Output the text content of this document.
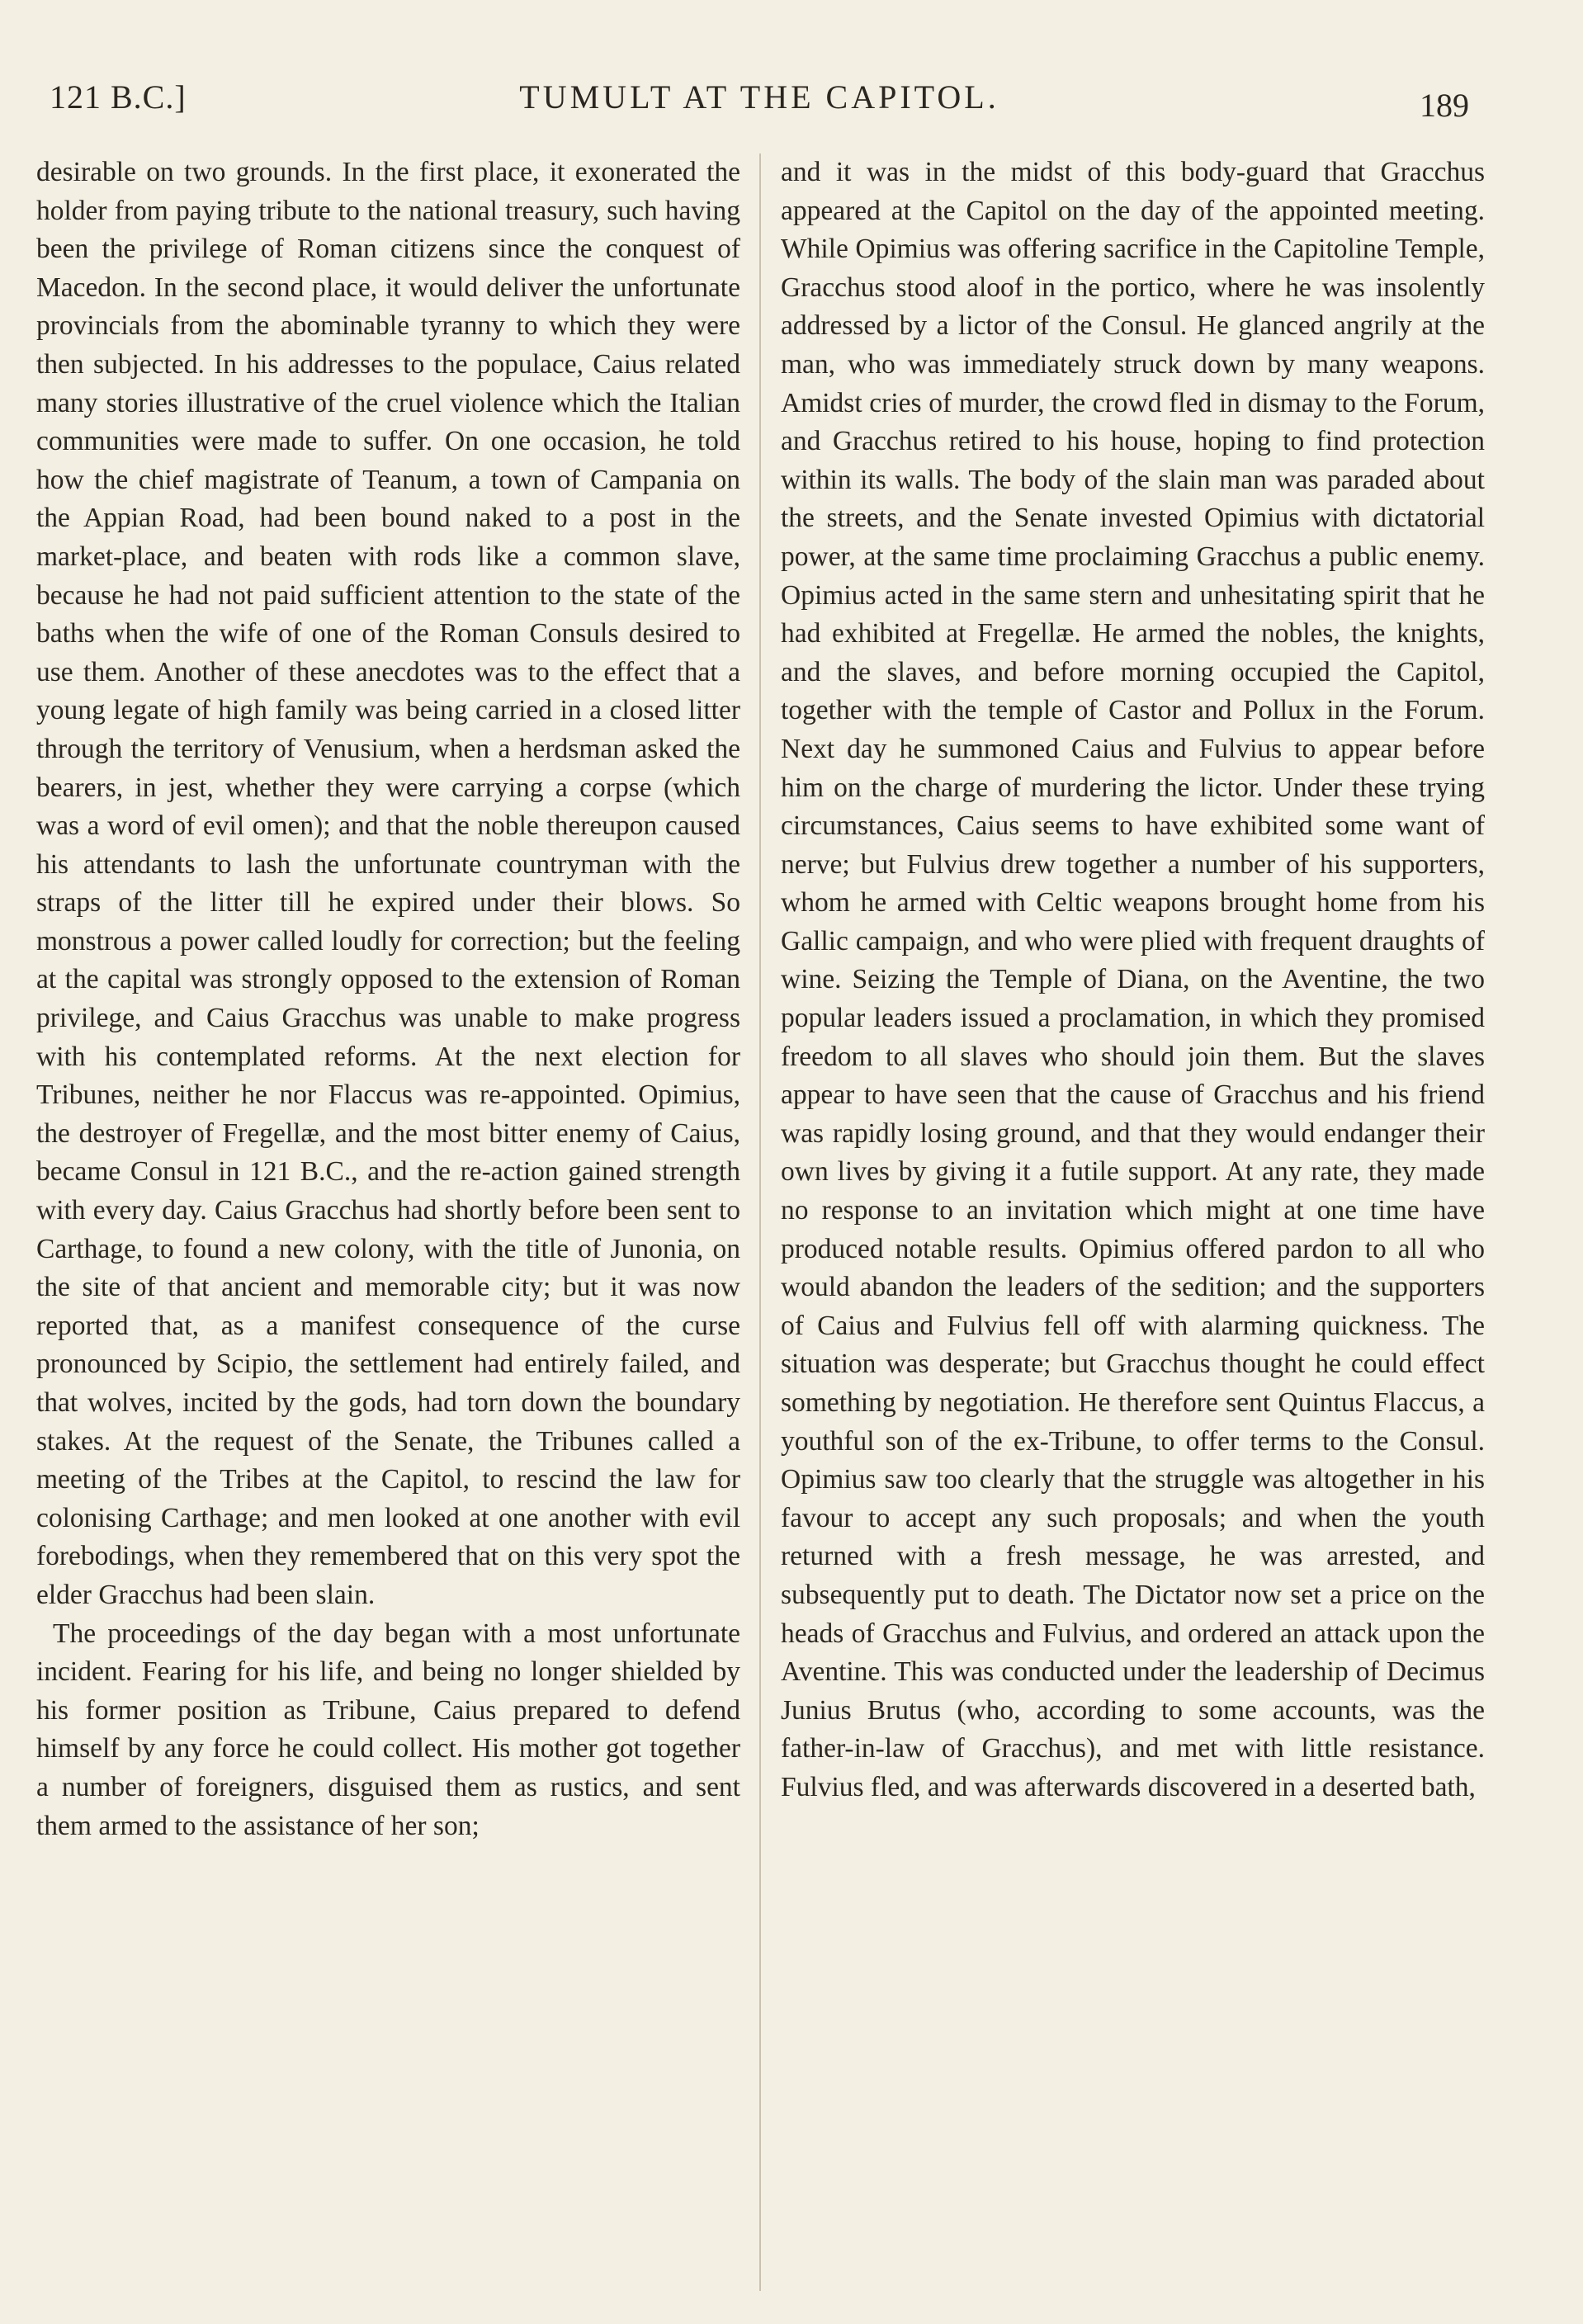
121 B.C.]	TUMULT AT THE CAPITOL.	189

desirable on two grounds. In the first place, it exonerated the holder from paying tribute to the national treasury, such having been the privilege of Roman citizens since the conquest of Macedon. In the second place, it would deliver the unfortunate provincials from the abominable tyranny to which they were then subjected. In his addresses to the populace, Caius related many stories illustrative of the cruel violence which the Italian communities were made to suffer. On one occasion, he told how the chief magistrate of Teanum, a town of Campania on the Appian Road, had been bound naked to a post in the market-place, and beaten with rods like a common slave, because he had not paid sufficient attention to the state of the baths when the wife of one of the Roman Consuls desired to use them. Another of these anecdotes was to the effect that a young legate of high family was being carried in a closed litter through the territory of Venusium, when a herdsman asked the bearers, in jest, whether they were carrying a corpse (which was a word of evil omen); and that the noble thereupon caused his attendants to lash the unfortunate countryman with the straps of the litter till he expired under their blows. So monstrous a power called loudly for correction; but the feeling at the capital was strongly opposed to the extension of Roman privilege, and Caius Gracchus was unable to make progress with his contemplated reforms. At the next election for Tribunes, neither he nor Flaccus was re-appointed. Opimius, the destroyer of Fregellæ, and the most bitter enemy of Caius, became Consul in 121 B.C., and the re-action gained strength with every day. Caius Gracchus had shortly before been sent to Carthage, to found a new colony, with the title of Junonia, on the site of that ancient and memorable city; but it was now reported that, as a manifest consequence of the curse pronounced by Scipio, the settlement had entirely failed, and that wolves, incited by the gods, had torn down the boundary stakes. At the request of the Senate, the Tribunes called a meeting of the Tribes at the Capitol, to rescind the law for colonising Carthage; and men looked at one another with evil forebodings, when they remembered that on this very spot the elder Gracchus had been slain.

The proceedings of the day began with a most unfortunate incident. Fearing for his life, and being no longer shielded by his former position as Tribune, Caius prepared to defend himself by any force he could collect. His mother got together a number of foreigners, disguised them as rustics, and sent them armed to the assistance of her son;

and it was in the midst of this body-guard that Gracchus appeared at the Capitol on the day of the appointed meeting. While Opimius was offering sacrifice in the Capitoline Temple, Gracchus stood aloof in the portico, where he was insolently addressed by a lictor of the Consul. He glanced angrily at the man, who was immediately struck down by many weapons. Amidst cries of murder, the crowd fled in dismay to the Forum, and Gracchus retired to his house, hoping to find protection within its walls. The body of the slain man was paraded about the streets, and the Senate invested Opimius with dictatorial power, at the same time proclaiming Gracchus a public enemy. Opimius acted in the same stern and unhesitating spirit that he had exhibited at Fregellæ. He armed the nobles, the knights, and the slaves, and before morning occupied the Capitol, together with the temple of Castor and Pollux in the Forum. Next day he summoned Caius and Fulvius to appear before him on the charge of murdering the lictor. Under these trying circumstances, Caius seems to have exhibited some want of nerve; but Fulvius drew together a number of his supporters, whom he armed with Celtic weapons brought home from his Gallic campaign, and who were plied with frequent draughts of wine. Seizing the Temple of Diana, on the Aventine, the two popular leaders issued a proclamation, in which they promised freedom to all slaves who should join them. But the slaves appear to have seen that the cause of Gracchus and his friend was rapidly losing ground, and that they would endanger their own lives by giving it a futile support. At any rate, they made no response to an invitation which might at one time have produced notable results. Opimius offered pardon to all who would abandon the leaders of the sedition; and the supporters of Caius and Fulvius fell off with alarming quickness. The situation was desperate; but Gracchus thought he could effect something by negotiation. He therefore sent Quintus Flaccus, a youthful son of the ex-Tribune, to offer terms to the Consul. Opimius saw too clearly that the struggle was altogether in his favour to accept any such proposals; and when the youth returned with a fresh message, he was arrested, and subsequently put to death. The Dictator now set a price on the heads of Gracchus and Fulvius, and ordered an attack upon the Aventine. This was conducted under the leadership of Decimus Junius Brutus (who, according to some accounts, was the father-in-law of Gracchus), and met with little resistance. Fulvius fled, and was afterwards discovered in a deserted bath,
